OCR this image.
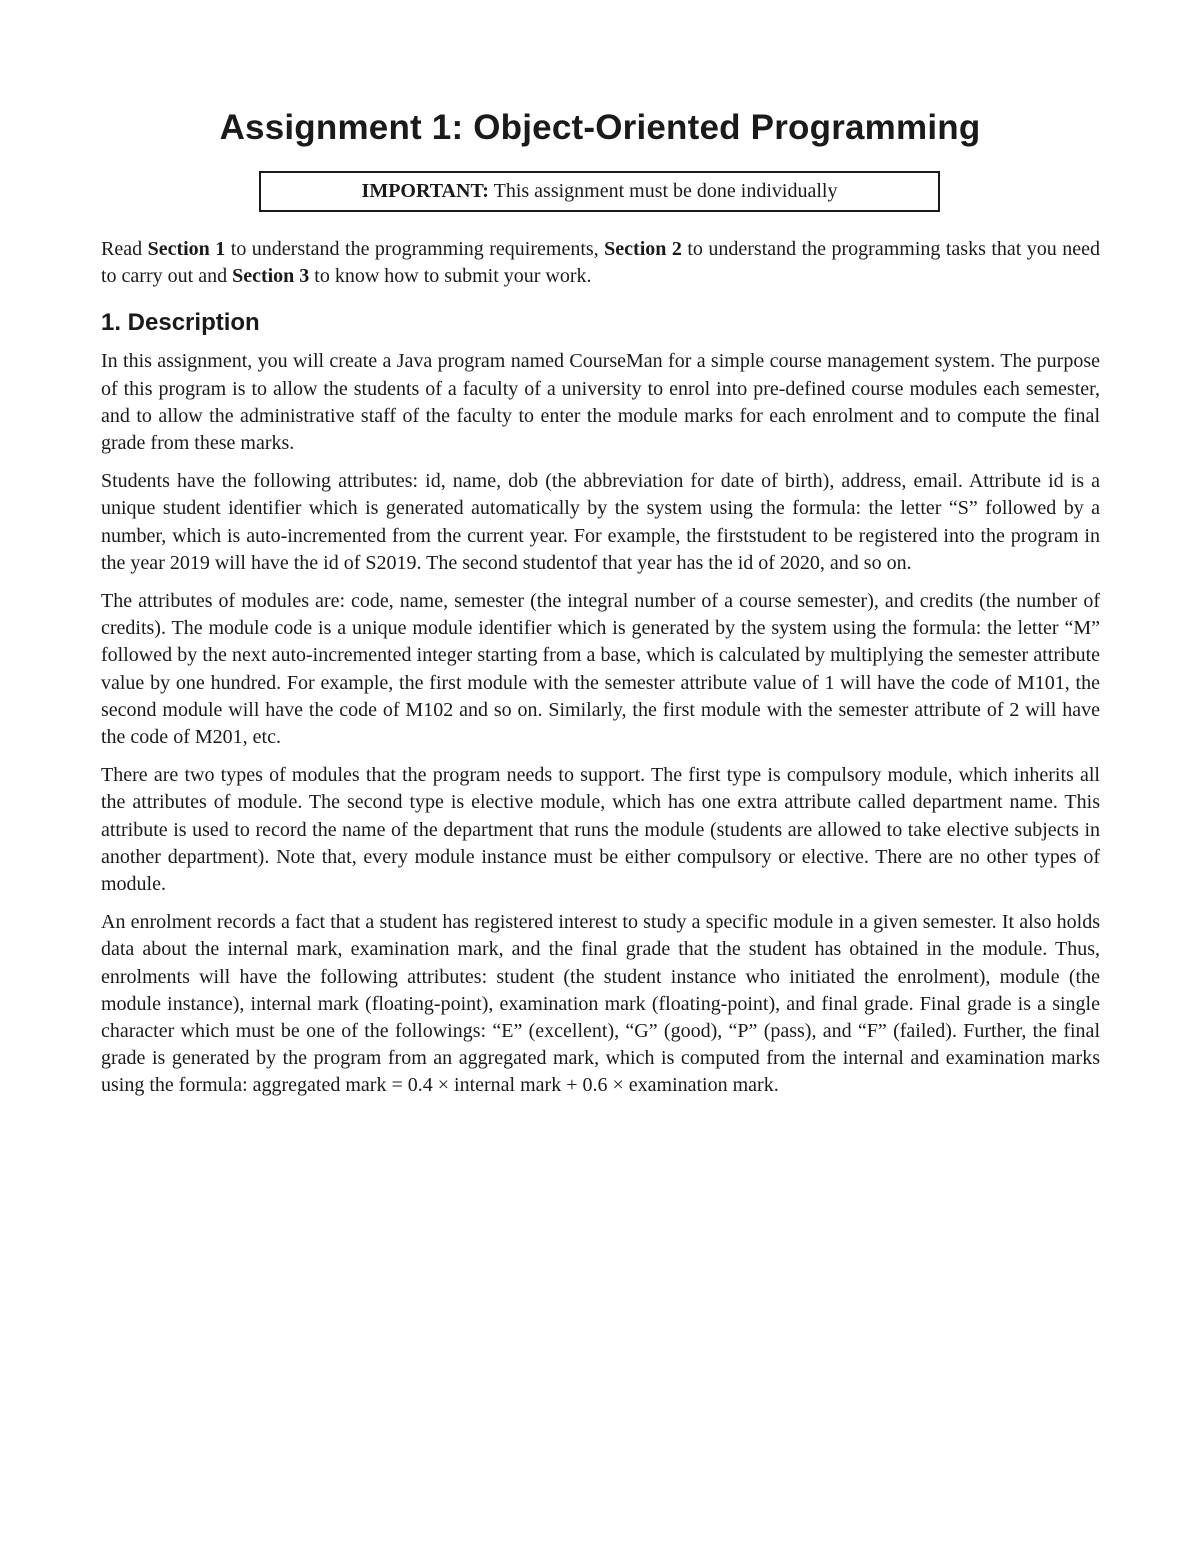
Assignment 1: Object-Oriented Programming
IMPORTANT: This assignment must be done individually

Read Section 1 to understand the programming requirements, Section 2 to understand the programming tasks that you need to carry out and Section 3 to know how to submit your work.

1. Description

In this assignment, you will create a Java program named CourseMan for a simple course management system. The purpose of this program is to allow the students of a faculty of a university to enrol into pre-defined course modules each semester, and to allow the administrative staff of the faculty to enter the module marks for each enrolment and to compute the final grade from these marks.

Students have the following attributes: id, name, dob (the abbreviation for date of birth), address, email. Attribute id is a unique student identifier which is generated automatically by the system using the formula: the letter “S” followed by a number, which is auto-incremented from the current year. For example, the firststudent to be registered into the program in the year 2019 will have the id of S2019. The second studentof that year has the id of 2020, and so on.

The attributes of modules are: code, name, semester (the integral number of a course semester), and credits (the number of credits). The module code is a unique module identifier which is generated by the system using the formula: the letter “M” followed by the next auto-incremented integer starting from a base, which is calculated by multiplying the semester attribute value by one hundred. For example, the first module with the semester attribute value of 1 will have the code of M101, the second module will have the code of M102 and so on. Similarly, the first module with the semester attribute of 2 will have the code of M201, etc.

There are two types of modules that the program needs to support. The first type is compulsory module, which inherits all the attributes of module. The second type is elective module, which has one extra attribute called department name. This attribute is used to record the name of the department that runs the module (students are allowed to take elective subjects in another department). Note that, every module instance must be either compulsory or elective. There are no other types of module.

An enrolment records a fact that a student has registered interest to study a specific module in a given semester. It also holds data about the internal mark, examination mark, and the final grade that the student has obtained in the module. Thus, enrolments will have the following attributes: student (the student instance who initiated the enrolment), module (the module instance), internal mark (floating-point), examination mark (floating-point), and final grade. Final grade is a single character which must be one of the followings: “E” (excellent), “G” (good), “P” (pass), and “F” (failed). Further, the final grade is generated by the program from an aggregated mark, which is computed from the internal and examination marks using the formula: aggregated mark = 0.4 × internal mark + 0.6 × examination mark.
